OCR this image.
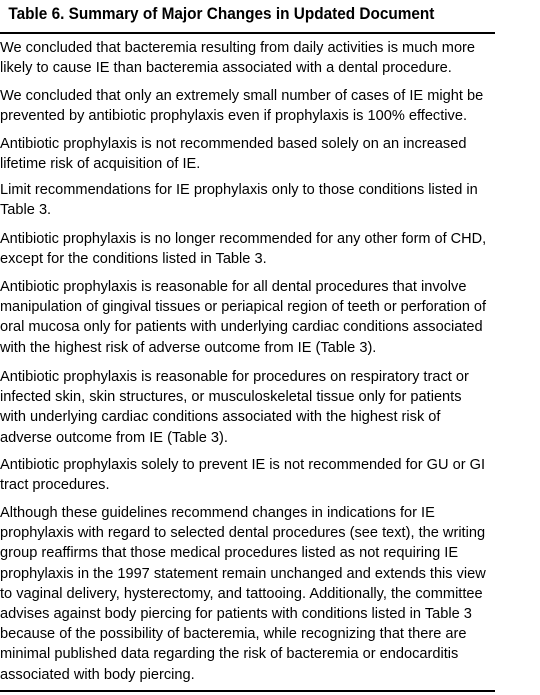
Table 6. Summary of Major Changes in Updated Document
We concluded that bacteremia resulting from daily activities is much more
likely to cause IE than bacteremia associated with a dental procedure.
We concluded that only an extremely small number of cases of IE might be
prevented by antibiotic prophylaxis even if prophylaxis is 100% effective.
Antibiotic prophylaxis is not recommended based solely on an increased
lifetime risk of acquisition of IE.
Limit recommendations for IE prophylaxis only to those conditions listed in
Table 3.
Antibiotic prophylaxis is no longer recommended for any other form of CHD,
except for the conditions listed in Table 3.
Antibiotic prophylaxis is reasonable for all dental procedures that involve
manipulation of gingival tissues or periapical region of teeth or perforation of
oral mucosa only for patients with underlying cardiac conditions associated
with the highest risk of adverse outcome from IE (Table 3).
Antibiotic prophylaxis is reasonable for procedures on respiratory tract or
infected skin, skin structures, or musculoskeletal tissue only for patients
with underlying cardiac conditions associated with the highest risk of
adverse outcome from IE (Table 3).
Antibiotic prophylaxis solely to prevent IE is not recommended for GU or GI
tract procedures.
Although these guidelines recommend changes in indications for IE
prophylaxis with regard to selected dental procedures (see text), the writing
group reaffirms that those medical procedures listed as not requiring IE
prophylaxis in the 1997 statement remain unchanged and extends this view
to vaginal delivery, hysterectomy, and tattooing. Additionally, the committee
advises against body piercing for patients with conditions listed in Table 3
because of the possibility of bacteremia, while recognizing that there are
minimal published data regarding the risk of bacteremia or endocarditis
associated with body piercing.
